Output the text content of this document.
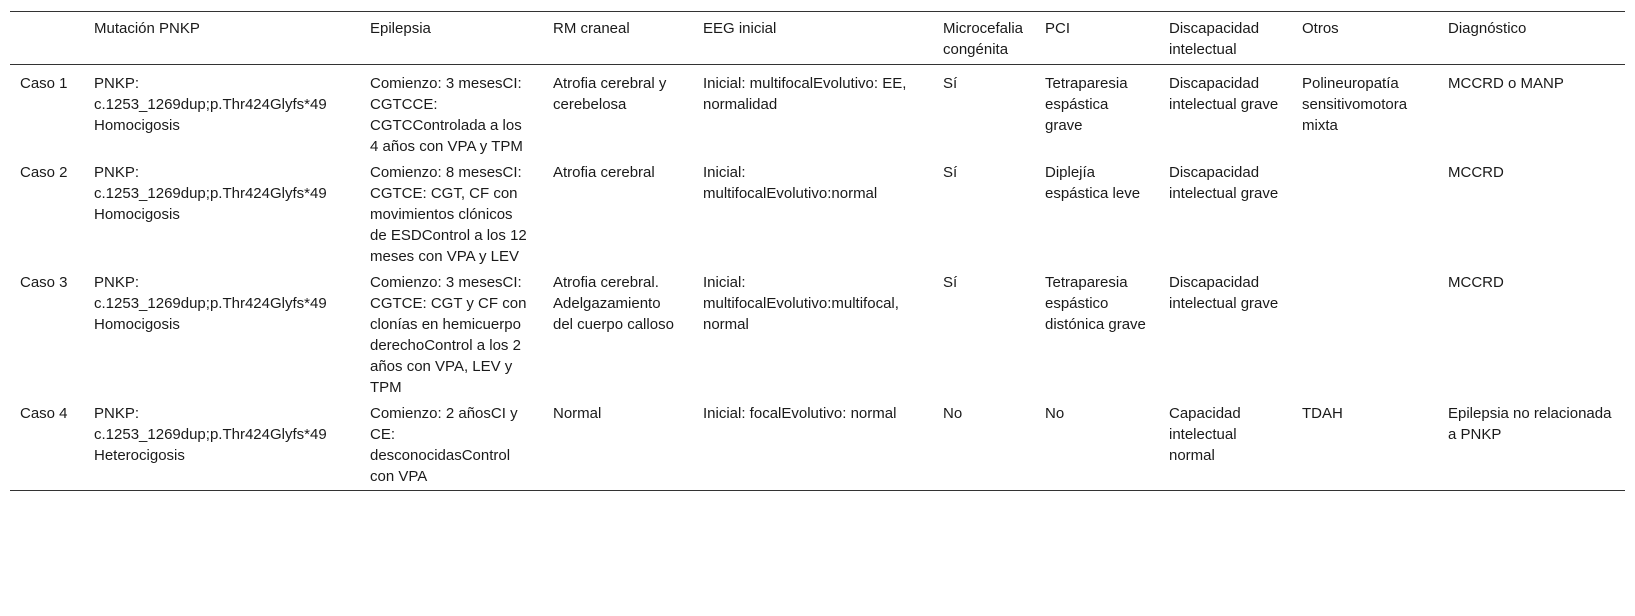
	Mutación PNKP	Epilepsia	RM craneal	EEG inicial	Microcefalia congénita	PCI	Discapacidad intelectual	Otros	Diagnóstico
Caso 1	PNKP: c.1253_1269dup;p.Thr424Glyfs*49 Homocigosis	Comienzo: 3 mesesCI: CGTCCE: CGTCControlada a los 4 años con VPA y TPM	Atrofia cerebral y cerebelosa	Inicial: multifocalEvolutivo: EE, normalidad	Sí	Tetraparesia espástica grave	Discapacidad intelectual grave	Polineuropatía sensitivomotora mixta	MCCRD o MANP
Caso 2	PNKP: c.1253_1269dup;p.Thr424Glyfs*49 Homocigosis	Comienzo: 8 mesesCI: CGTCE: CGT, CF con movimientos clónicos de ESDControl a los 12 meses con VPA y LEV	Atrofia cerebral	Inicial: multifocalEvolutivo:normal	Sí	Diplejía espástica leve	Discapacidad intelectual grave		MCCRD
Caso 3	PNKP: c.1253_1269dup;p.Thr424Glyfs*49 Homocigosis	Comienzo: 3 mesesCI: CGTCE: CGT y CF con clonías en hemicuerpo derechoControl a los 2 años con VPA, LEV y TPM	Atrofia cerebral. Adelgazamiento del cuerpo calloso	Inicial: multifocalEvolutivo:multifocal, normal	Sí	Tetraparesia espástico distónica grave	Discapacidad intelectual grave		MCCRD
Caso 4	PNKP: c.1253_1269dup;p.Thr424Glyfs*49 Heterocigosis	Comienzo: 2 añosCI y CE: desconocidasControl con VPA	Normal	Inicial: focalEvolutivo: normal	No	No	Capacidad intelectual normal	TDAH	Epilepsia no relacionada a PNKP
